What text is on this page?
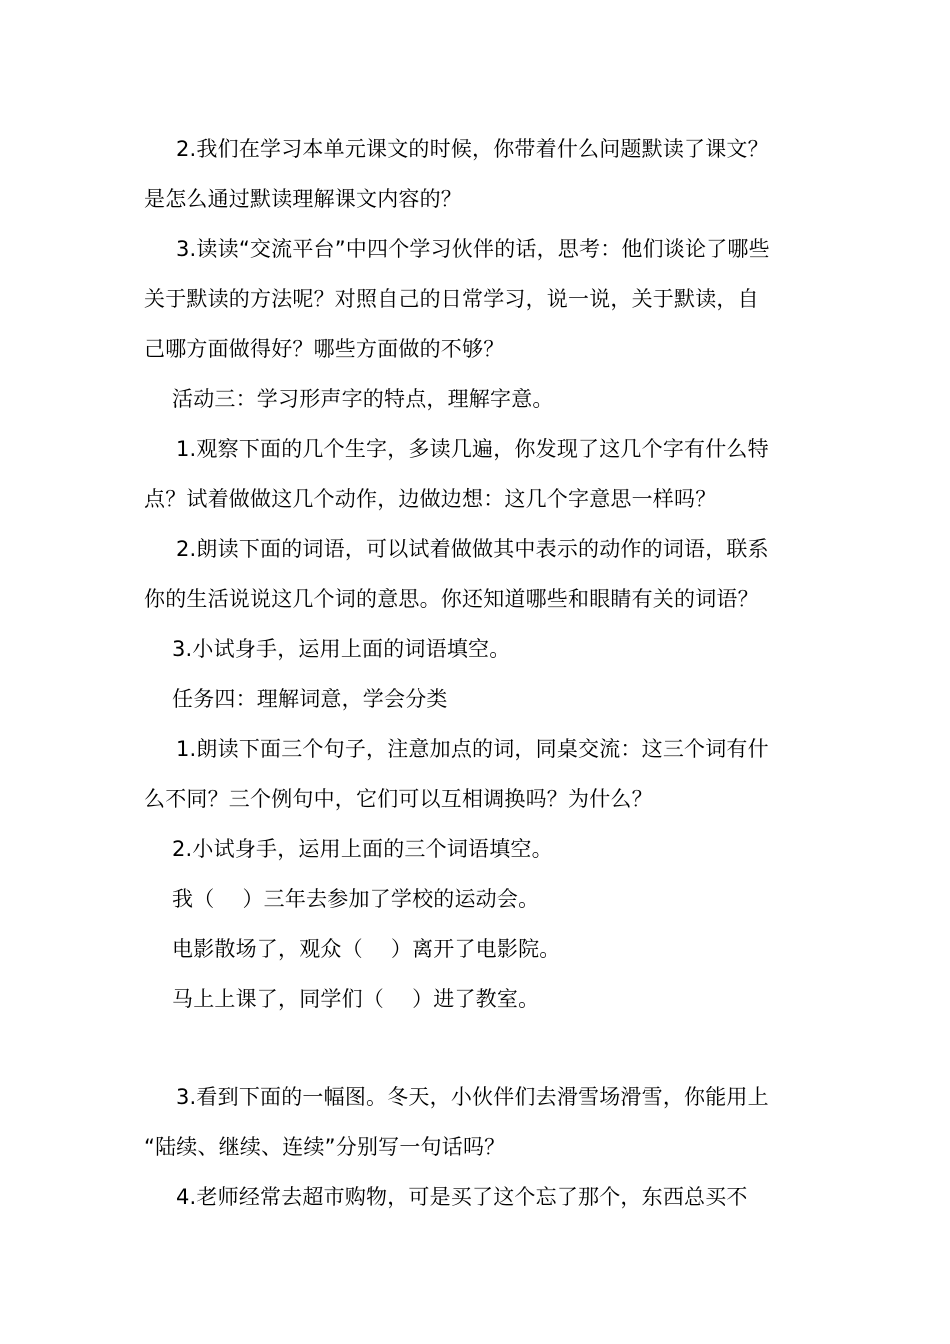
2.我们在学习本单元课文的时候，你带着什么问题默读了课文？
是怎么通过默读理解课文内容的？
3.读读“交流平台”中四个学习伙伴的话，思考：他们谈论了哪些
关于默读的方法呢？对照自己的日常学习，说一说，关于默读，自
己哪方面做得好？哪些方面做的不够？
活动三：学习形声字的特点，理解字意。
1.观察下面的几个生字，多读几遍，你发现了这几个字有什么特
点？试着做做这几个动作，边做边想：这几个字意思一样吗？
2.朗读下面的词语，可以试着做做其中表示的动作的词语，联系
你的生活说说这几个词的意思。你还知道哪些和眼睛有关的词语？
3.小试身手，运用上面的词语填空。
任务四：理解词意，学会分类
1.朗读下面三个句子，注意加点的词，同桌交流：这三个词有什
么不同？三个例句中，它们可以互相调换吗？为什么？
2.小试身手，运用上面的三个词语填空。
我（　 ）三年去参加了学校的运动会。
电影散场了，观众（　 ）离开了电影院。
马上上课了，同学们（　 ）进了教室。
3.看到下面的一幅图。冬天，小伙伴们去滑雪场滑雪，你能用上
“陆续、继续、连续”分别写一句话吗？
4.老师经常去超市购物，可是买了这个忘了那个，东西总买不
